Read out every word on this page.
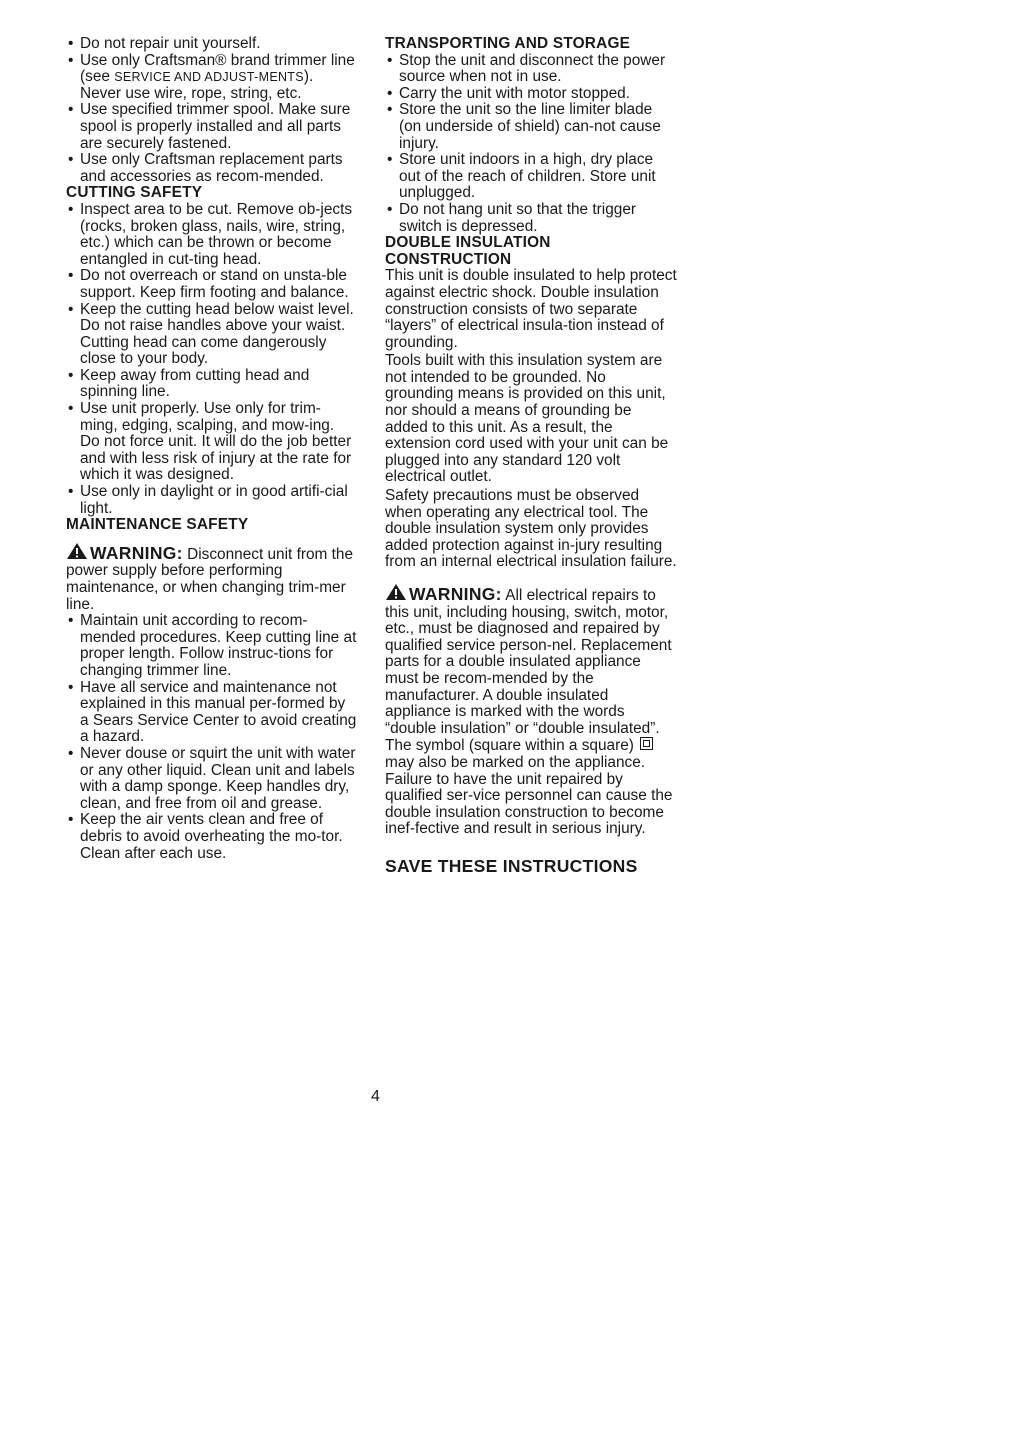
• Do not repair unit yourself.
• Use only Craftsman® brand trimmer line (see SERVICE AND ADJUST-MENTS). Never use wire, rope, string, etc.
• Use specified trimmer spool. Make sure spool is properly installed and all parts are securely fastened.
• Use only Craftsman replacement parts and accessories as recom-mended.
CUTTING SAFETY
• Inspect area to be cut. Remove ob-jects (rocks, broken glass, nails, wire, string, etc.) which can be thrown or become entangled in cut-ting head.
• Do not overreach or stand on unsta-ble support. Keep firm footing and balance.
• Keep the cutting head below waist level. Do not raise handles above your waist. Cutting head can come dangerously close to your body.
• Keep away from cutting head and spinning line.
• Use unit properly. Use only for trim-ming, edging, scalping, and mow-ing. Do not force unit. It will do the job better and with less risk of injury at the rate for which it was designed.
• Use only in daylight or in good artifi-cial light.
MAINTENANCE SAFETY
WARNING: Disconnect unit from the power supply before performing maintenance, or when changing trim-mer line.
• Maintain unit according to recom-mended procedures. Keep cutting line at proper length. Follow instruc-tions for changing trimmer line.
• Have all service and maintenance not explained in this manual per-formed by a Sears Service Center to avoid creating a hazard.
• Never douse or squirt the unit with water or any other liquid. Clean unit and labels with a damp sponge. Keep handles dry, clean, and free from oil and grease.
• Keep the air vents clean and free of debris to avoid overheating the mo-tor. Clean after each use.
TRANSPORTING AND STORAGE
• Stop the unit and disconnect the power source when not in use.
• Carry the unit with motor stopped.
• Store the unit so the line limiter blade (on underside of shield) can-not cause injury.
• Store unit indoors in a high, dry place out of the reach of children. Store unit unplugged.
• Do not hang unit so that the trigger switch is depressed.
DOUBLE INSULATION
CONSTRUCTION

This unit is double insulated to help protect against electric shock. Double insulation construction consists of two separate “layers” of electrical insula-tion instead of grounding.

Tools built with this insulation system are not intended to be grounded. No grounding means is provided on this unit, nor should a means of grounding be added to this unit. As a result, the extension cord used with your unit can be plugged into any standard 120 volt electrical outlet.

Safety precautions must be observed when operating any electrical tool. The double insulation system only provides added protection against in-jury resulting from an internal electrical insulation failure.

WARNING: All electrical repairs to this unit, including housing, switch, motor, etc., must be diagnosed and repaired by qualified service person-nel. Replacement parts for a double insulated appliance must be recom-mended by the manufacturer. A double insulated appliance is marked with the words “double insulation” or “double insulated”. The symbol (square within a square)  may also be marked on the appliance. Failure to have the unit repaired by qualified ser-vice personnel can cause the double insulation construction to become inef-fective and result in serious injury.
SAVE THESE INSTRUCTIONS
4
